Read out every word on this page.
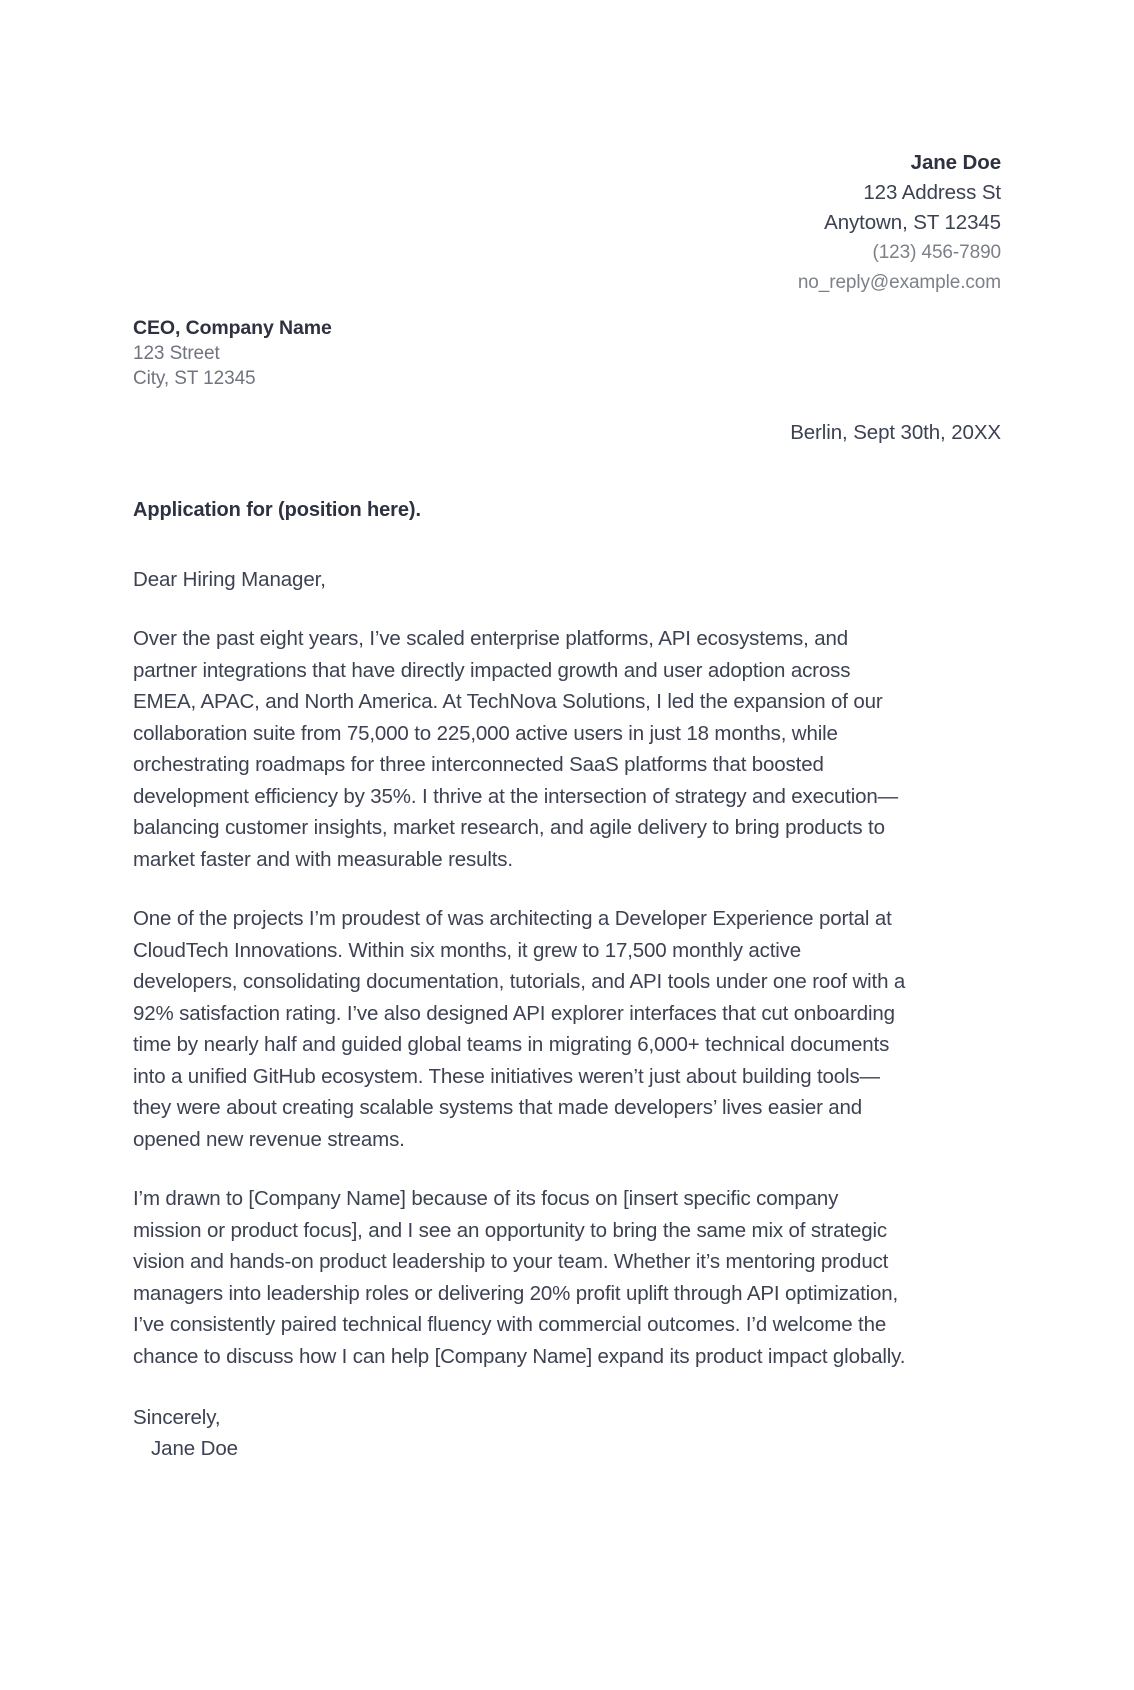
Jane Doe
123 Address St
Anytown, ST 12345
(123) 456-7890
no_reply@example.com
CEO, Company Name
123 Street
City, ST 12345
Berlin, Sept 30th, 20XX
Application for (position here).
Dear Hiring Manager,

Over the past eight years, I’ve scaled enterprise platforms, API ecosystems, and partner integrations that have directly impacted growth and user adoption across EMEA, APAC, and North America. At TechNova Solutions, I led the expansion of our collaboration suite from 75,000 to 225,000 active users in just 18 months, while orchestrating roadmaps for three interconnected SaaS platforms that boosted development efficiency by 35%. I thrive at the intersection of strategy and execution—balancing customer insights, market research, and agile delivery to bring products to market faster and with measurable results.

One of the projects I’m proudest of was architecting a Developer Experience portal at CloudTech Innovations. Within six months, it grew to 17,500 monthly active developers, consolidating documentation, tutorials, and API tools under one roof with a 92% satisfaction rating. I’ve also designed API explorer interfaces that cut onboarding time by nearly half and guided global teams in migrating 6,000+ technical documents into a unified GitHub ecosystem. These initiatives weren’t just about building tools—they were about creating scalable systems that made developers’ lives easier and opened new revenue streams.

I’m drawn to [Company Name] because of its focus on [insert specific company mission or product focus], and I see an opportunity to bring the same mix of strategic vision and hands-on product leadership to your team. Whether it’s mentoring product managers into leadership roles or delivering 20% profit uplift through API optimization, I’ve consistently paired technical fluency with commercial outcomes. I’d welcome the chance to discuss how I can help [Company Name] expand its product impact globally.

Sincerely,
Jane Doe
